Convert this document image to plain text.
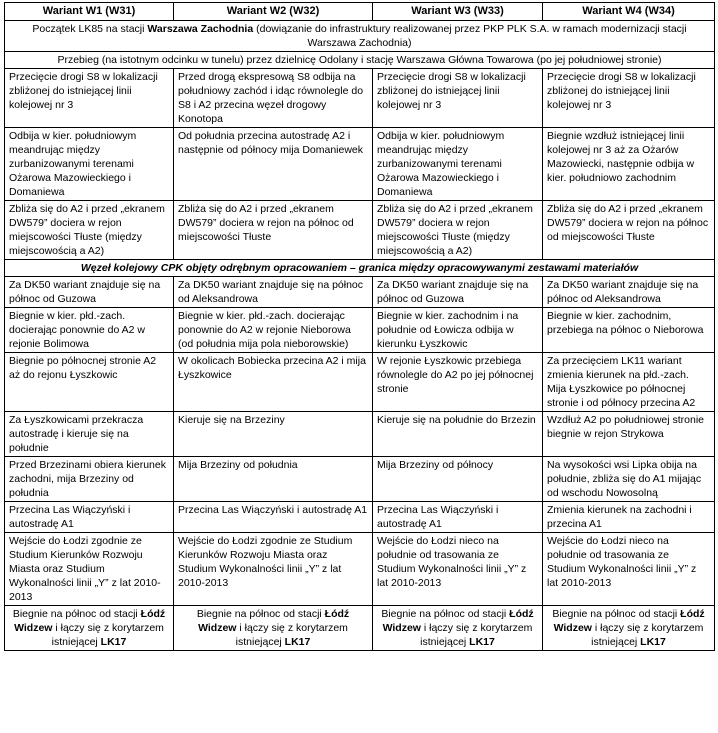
Wariant W1 (W31)	Wariant W2 (W32)	Wariant W3 (W33)	Wariant W4 (W34)
Początek LK85 na stacji Warszawa Zachodnia (dowiązanie do infrastruktury realizowanej przez PKP PLK S.A. w ramach modernizacji stacji Warszawa Zachodnia)			
Przebieg (na istotnym odcinku w tunelu) przez dzielnicę Odolany i stację Warszawa Główna Towarowa (po jej południowej stronie)			
Przecięcie drogi S8 w lokalizacji zbliżonej do istniejącej linii kolejowej nr 3	Przed drogą ekspresową S8 odbija na południowy zachód i idąc równolegle do S8 i A2 przecina węzeł drogowy Konotopa	Przecięcie drogi S8 w lokalizacji zbliżonej do istniejącej linii kolejowej nr 3	Przecięcie drogi S8 w lokalizacji zbliżonej do istniejącej linii kolejowej nr 3
Odbija w kier. południowym meandrując między zurbanizowanymi terenami Ożarowa Mazowieckiego i Domaniewa	Od południa przecina autostradę A2 i następnie od północy mija Domaniewek	Odbija w kier. południowym meandrując między zurbanizowanymi terenami Ożarowa Mazowieckiego i Domaniewa	Biegnie wzdłuż istniejącej linii kolejowej nr 3 aż za Ożarów Mazowiecki, następnie odbija w kier. południowo zachodnim
Zbliża się do A2 i przed „ekranem DW579” dociera w rejon miejscowości Tłuste (między miejscowością a A2)	Zbliża się do A2 i przed „ekranem DW579” dociera w rejon na północ od miejscowości Tłuste	Zbliża się do A2 i przed „ekranem DW579” dociera w rejon miejscowości Tłuste (między miejscowością a A2)	Zbliża się do A2 i przed „ekranem DW579” dociera w rejon na północ od miejscowości Tłuste
Węzeł kolejowy CPK objęty odrębnym opracowaniem – granica między opracowywanymi zestawami materiałów			
Za DK50 wariant znajduje się na północ od Guzowa	Za DK50 wariant znajduje się na północ od Aleksandrowa	Za DK50 wariant znajduje się na północ od Guzowa	Za DK50 wariant znajduje się na północ od Aleksandrowa
Biegnie w kier. płd.-zach. docierając ponownie do A2 w rejonie Bolimowa	Biegnie w kier. płd.-zach. docierając ponownie do A2 w rejonie Nieborowa (od południa mija pola nieborowskie)	Biegnie w kier. zachodnim i na południe od Łowicza odbija w kierunku Łyszkowic	Biegnie w kier. zachodnim, przebiega na północ o Nieborowa
Biegnie po północnej stronie A2 aż do rejonu Łyszkowic	W okolicach Bobiecka przecina A2 i mija Łyszkowice	W rejonie Łyszkowic przebiega równolegle do A2 po jej północnej stronie	Za przecięciem LK11 wariant zmienia kierunek na płd.-zach. Mija Łyszkowice po północnej stronie i od północy przecina A2
Za Łyszkowicami przekracza autostradę i kieruje się na południe	Kieruje się na Brzeziny	Kieruje się na południe do Brzezin	Wzdłuż A2 po południowej stronie biegnie w rejon Strykowa
Przed Brzezinami obiera kierunek zachodni, mija Brzeziny od południa	Mija Brzeziny od południa	Mija Brzeziny od północy	Na wysokości wsi Lipka obija na południe, zbliża się do A1 mijając od wschodu Nowosolną
Przecina Las Wiączyński i autostradę A1	Przecina Las Wiączyński i autostradę A1	Przecina Las Wiączyński i autostradę A1	Zmienia kierunek na zachodni i przecina A1
Wejście do Łodzi zgodnie ze Studium Kierunków Rozwoju Miasta oraz Studium Wykonalności linii „Y” z lat 2010-2013	Wejście do Łodzi zgodnie ze Studium Kierunków Rozwoju Miasta oraz Studium Wykonalności linii „Y” z lat 2010-2013	Wejście do Łodzi nieco na południe od trasowania ze Studium Wykonalności linii „Y” z lat 2010-2013	Wejście do Łodzi nieco na południe od trasowania ze Studium Wykonalności linii „Y” z lat 2010-2013
Biegnie na północ od stacji Łódź Widzew i łączy się z korytarzem istniejącej LK17	Biegnie na północ od stacji Łódź Widzew i łączy się z korytarzem istniejącej LK17	Biegnie na północ od stacji Łódź Widzew i łączy się z korytarzem istniejącej LK17	Biegnie na północ od stacji Łódź Widzew i łączy się z korytarzem istniejącej LK17
